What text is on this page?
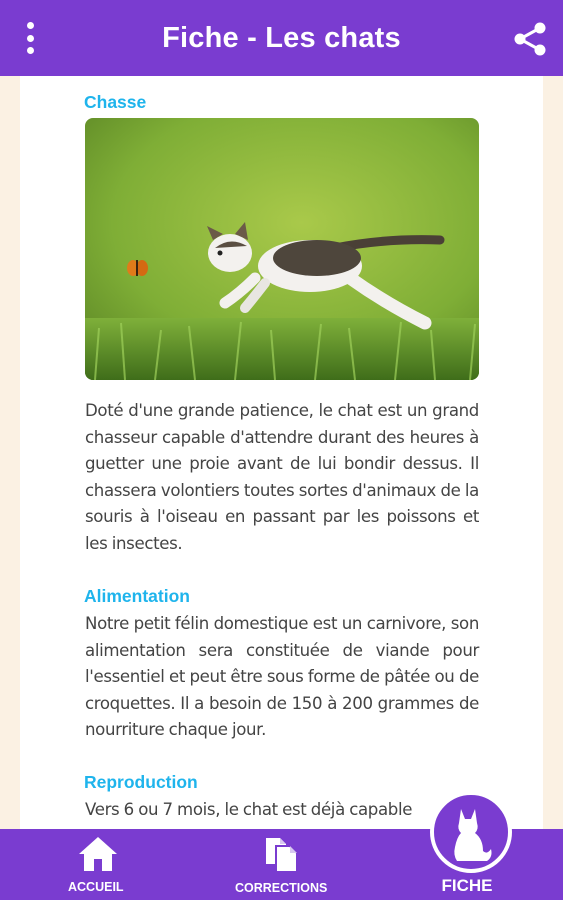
Fiche - Les chats
Chasse
Doté d'une grande patience, le chat est un grand chasseur capable d'attendre durant des heures à guetter une proie avant de lui bondir dessus. Il chassera volontiers toutes sortes d'animaux de la souris à l'oiseau en passant par les poissons et les insectes.
Alimentation
Notre petit félin domestique est un carnivore, son alimentation sera constituée de viande pour l'essentiel et peut être sous forme de pâtée ou de croquettes. Il a besoin de 150 à 200 grammes de nourriture chaque jour.
Reproduction
Vers 6 ou 7 mois, le chat est déjà capable
ACCUEIL	CORRECTIONS	FICHE
